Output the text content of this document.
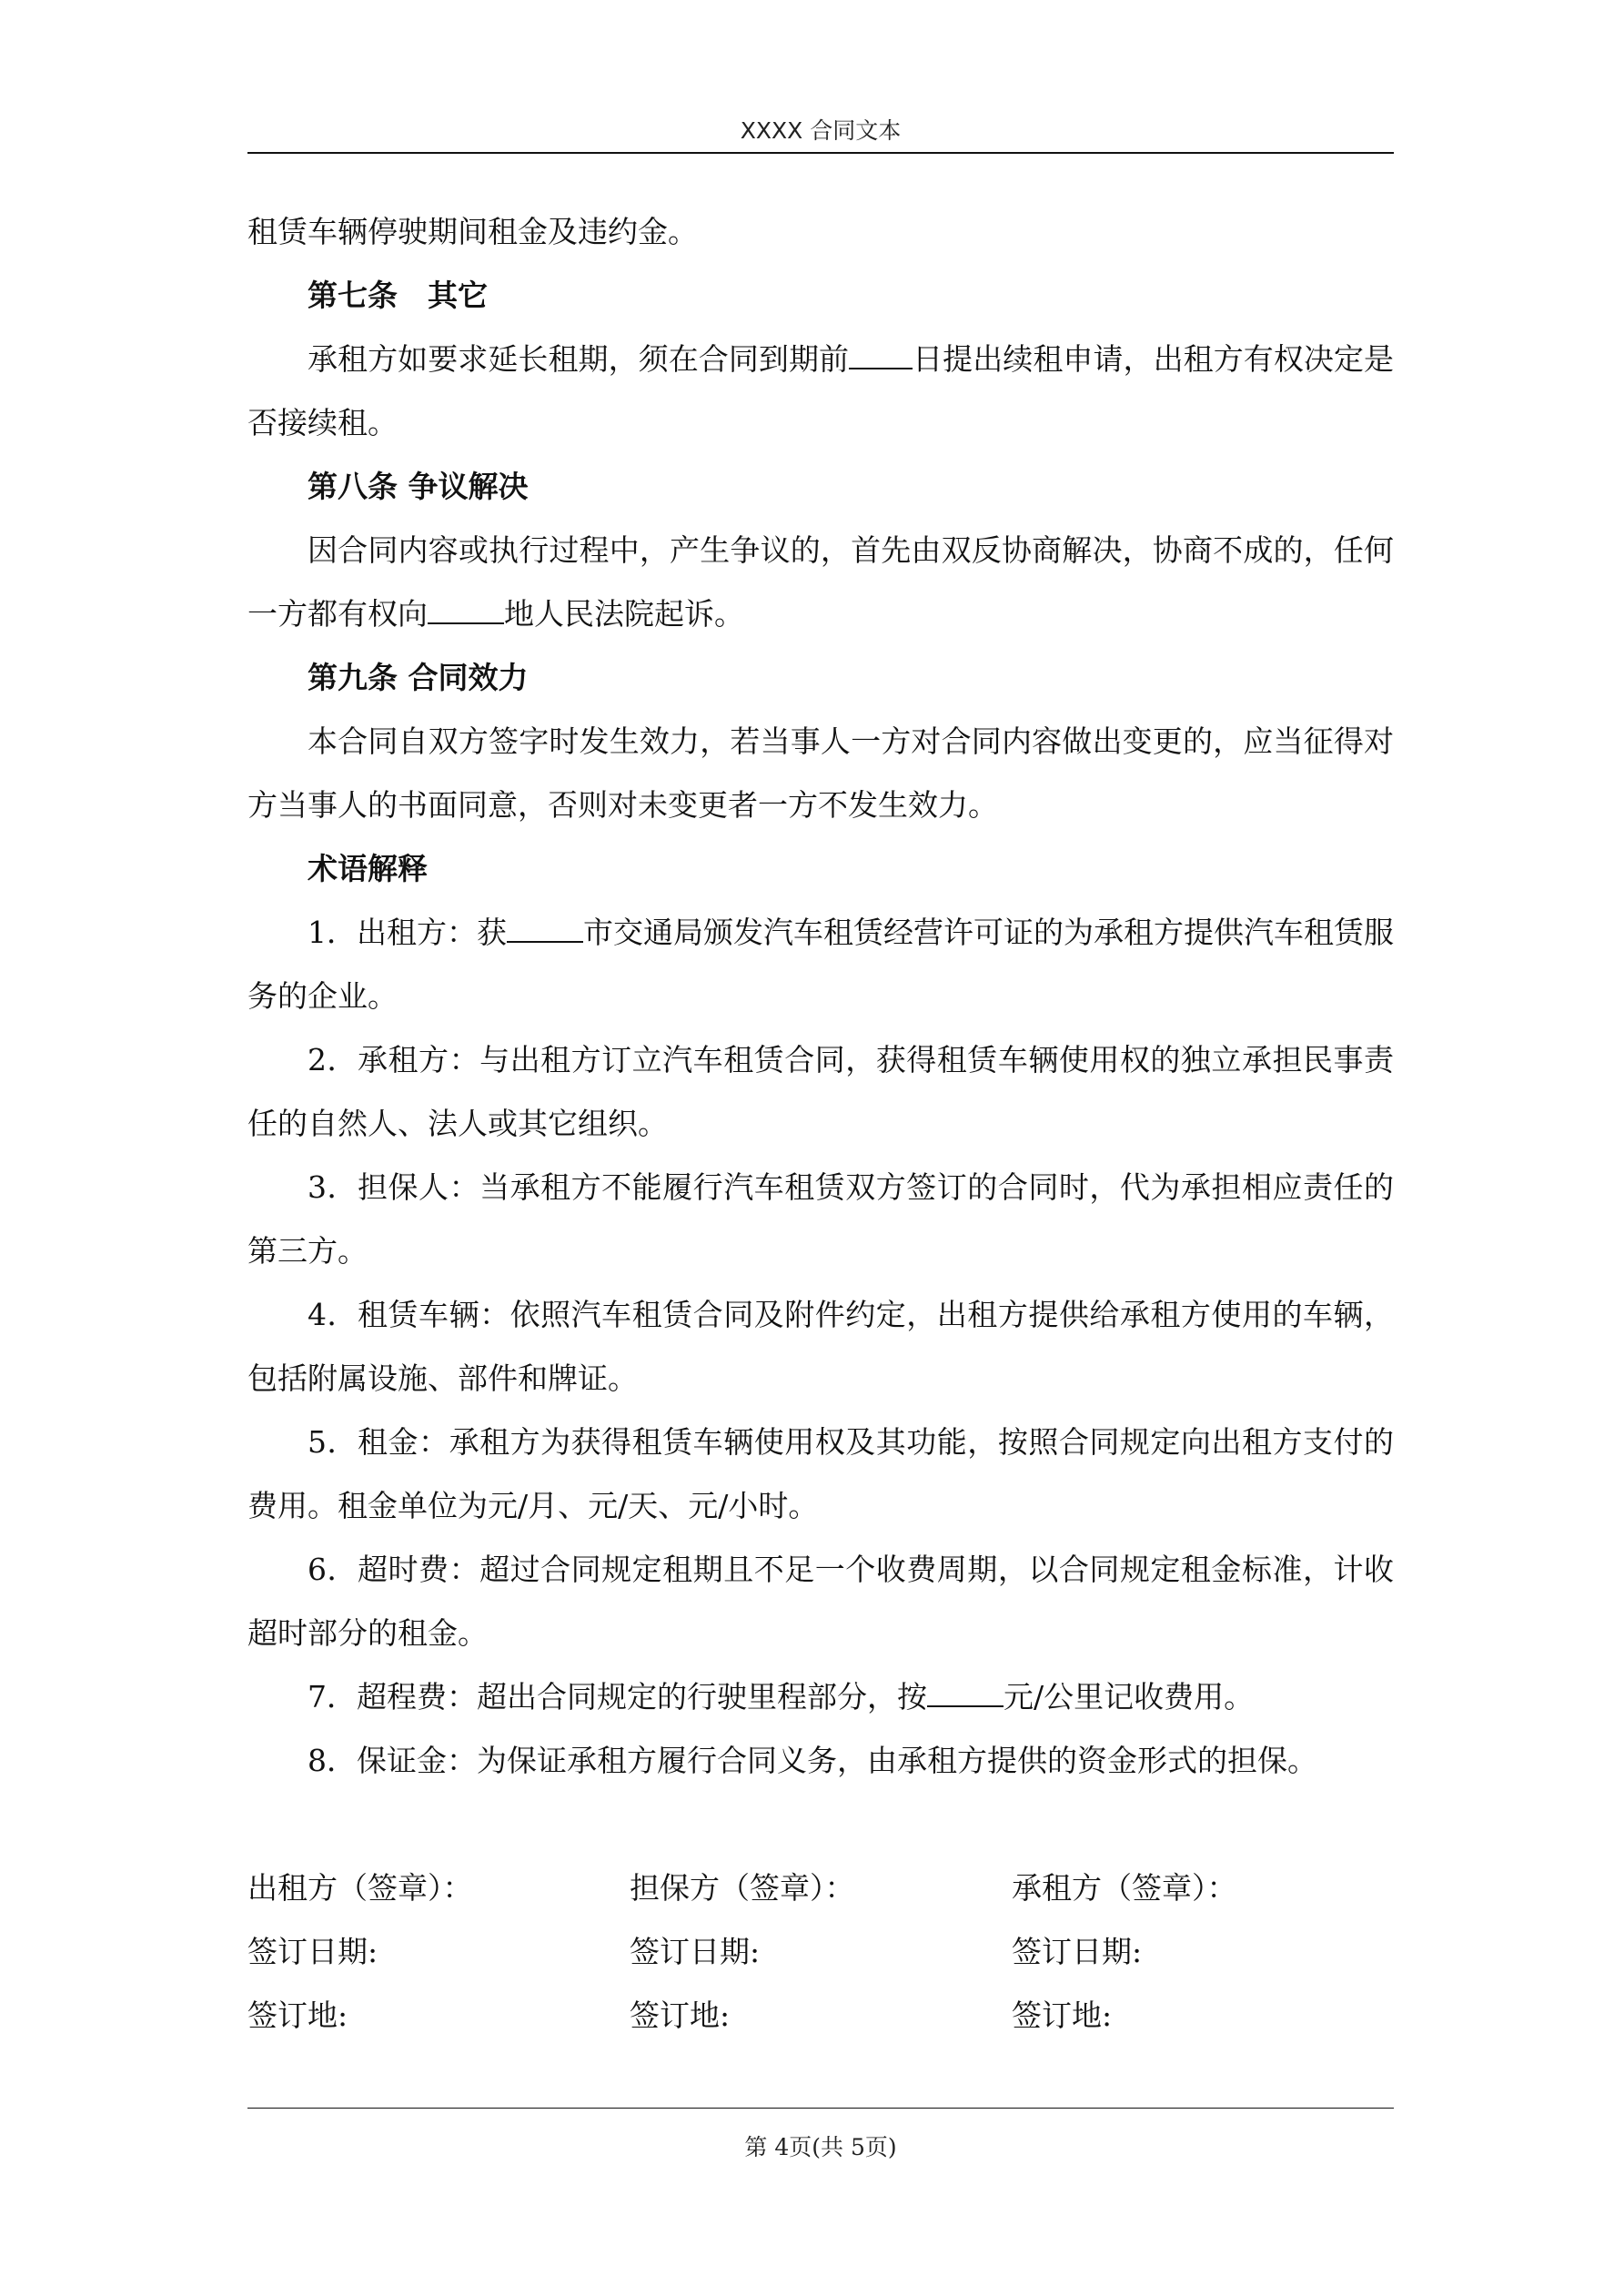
XXXX 合同文本

租赁车辆停驶期间租金及违约金。

第七条　其它

承租方如要求延长租期，须在合同到期前 日提出续租申请，出租方有权决定是否接续租。

第八条 争议解决

因合同内容或执行过程中，产生争议的，首先由双反协商解决，协商不成的，任何一方都有权向	地人民法院起诉。

第九条 合同效力

本合同自双方签字时发生效力，若当事人一方对合同内容做出变更的，应当征得对方当事人的书面同意，否则对未变更者一方不发生效力。

术语解释

1．出租方：获	市交通局颁发汽车租赁经营许可证的为承租方提供汽车租赁服务的企业。

2．承租方：与出租方订立汽车租赁合同，获得租赁车辆使用权的独立承担民事责任的自然人、法人或其它组织。

3．担保人：当承租方不能履行汽车租赁双方签订的合同时，代为承担相应责任的第三方。

4．租赁车辆：依照汽车租赁合同及附件约定，出租方提供给承租方使用的车辆，包括附属设施、部件和牌证。

5．租金：承租方为获得租赁车辆使用权及其功能，按照合同规定向出租方支付的费用。租金单位为元/月、元/天、元/小时。

6．超时费：超过合同规定租期且不足一个收费周期，以合同规定租金标准，计收超时部分的租金。

7．超程费：超出合同规定的行驶里程部分，按	元/公里记收费用。

8．保证金：为保证承租方履行合同义务，由承租方提供的资金形式的担保。

出租方（签章）：	担保方（签章）：	承租方（签章）：
签订日期:	签订日期:	签订日期:
签订地:	签订地:	签订地:
第 4页(共 5页)
